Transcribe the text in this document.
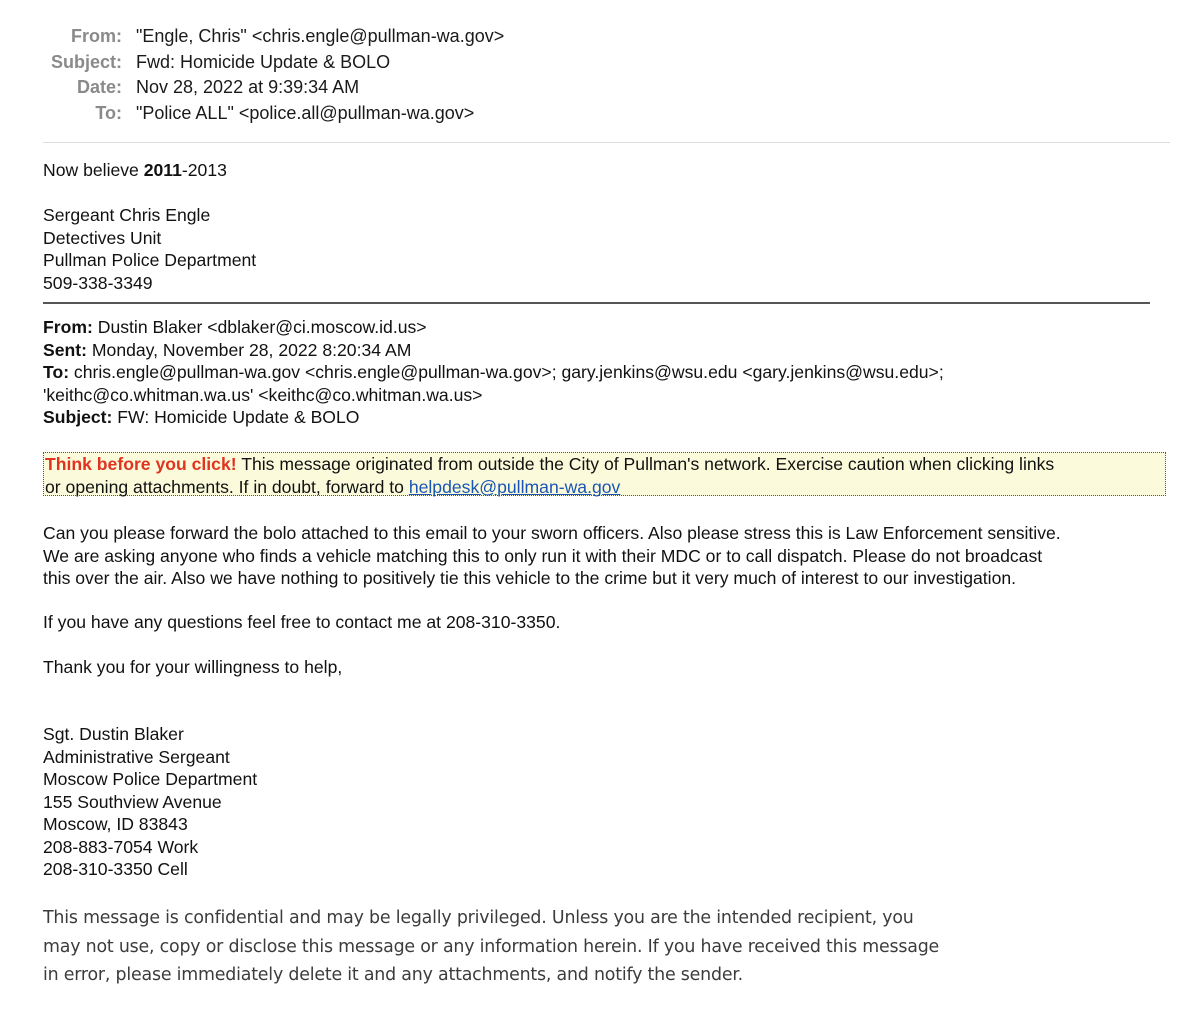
From: "Engle, Chris" <chris.engle@pullman-wa.gov>
Subject: Fwd: Homicide Update & BOLO
Date: Nov 28, 2022 at 9:39:34 AM
To: "Police ALL" <police.all@pullman-wa.gov>
Now believe 2011-2013
Sergeant Chris Engle
Detectives Unit
Pullman Police Department
509-338-3349
From: Dustin Blaker <dblaker@ci.moscow.id.us>
Sent: Monday, November 28, 2022 8:20:34 AM
To: chris.engle@pullman-wa.gov <chris.engle@pullman-wa.gov>; gary.jenkins@wsu.edu <gary.jenkins@wsu.edu>;
'keithc@co.whitman.wa.us' <keithc@co.whitman.wa.us>
Subject: FW: Homicide Update & BOLO
Think before you click! This message originated from outside the City of Pullman's network. Exercise caution when clicking links
or opening attachments. If in doubt, forward to helpdesk@pullman-wa.gov
Can you please forward the bolo attached to this email to your sworn officers. Also please stress this is Law Enforcement sensitive.
We are asking anyone who finds a vehicle matching this to only run it with their MDC or to call dispatch. Please do not broadcast
this over the air. Also we have nothing to positively tie this vehicle to the crime but it very much of interest to our investigation.
If you have any questions feel free to contact me at 208-310-3350.
Thank you for your willingness to help,
Sgt. Dustin Blaker
Administrative Sergeant
Moscow Police Department
155 Southview Avenue
Moscow, ID 83843
208-883-7054 Work
208-310-3350 Cell
This message is confidential and may be legally privileged. Unless you are the intended recipient, you
may not use, copy or disclose this message or any information herein. If you have received this message
in error, please immediately delete it and any attachments, and notify the sender.
